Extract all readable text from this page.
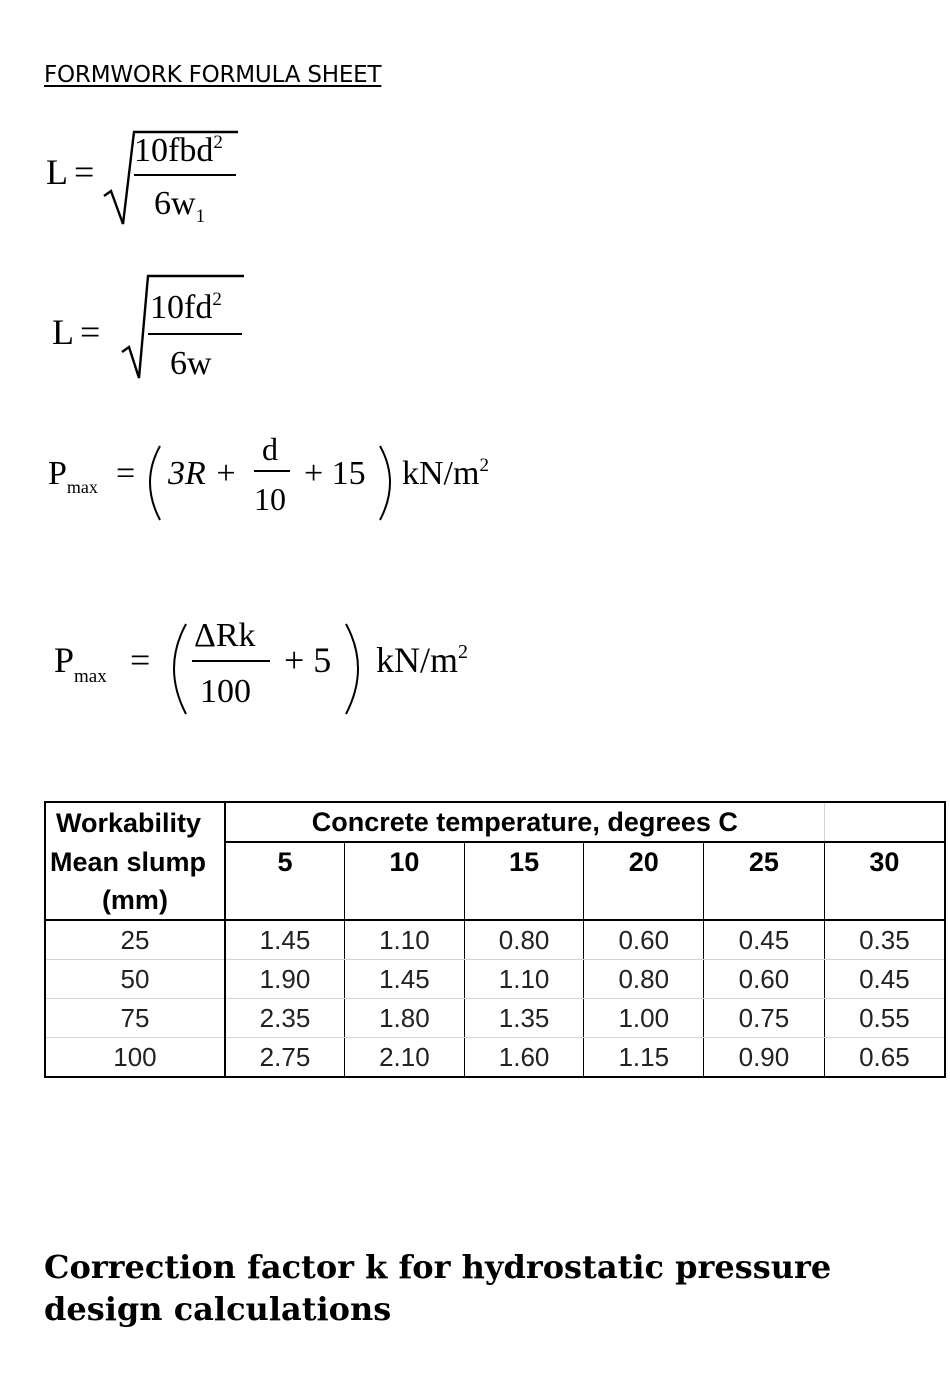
FORMWORK FORMULA SHEET
L =
10fbd$^2$
$6w_1$
L =
$10fd^2$
6w
$P_{max} = 3R$ +
d
10
+ 15 $kN/m^2$
$P_{max}$ =
ΔRk
100
+ 5 $kN/m^2$
Workability	Concrete temperature, degrees C					
Mean slump	5	10	15	20	25	30
(mm)						
25	1.45	1.10	0.80	0.60	0.45	0.35
50	1.90	1.45	1.10	0.80	0.60	0.45
75	2.35	1.80	1.35	1.00	0.75	0.55
100	2.75	2.10	1.60	1.15	0.90	0.65
Correction factor k for hydrostatic pressure design calculations
